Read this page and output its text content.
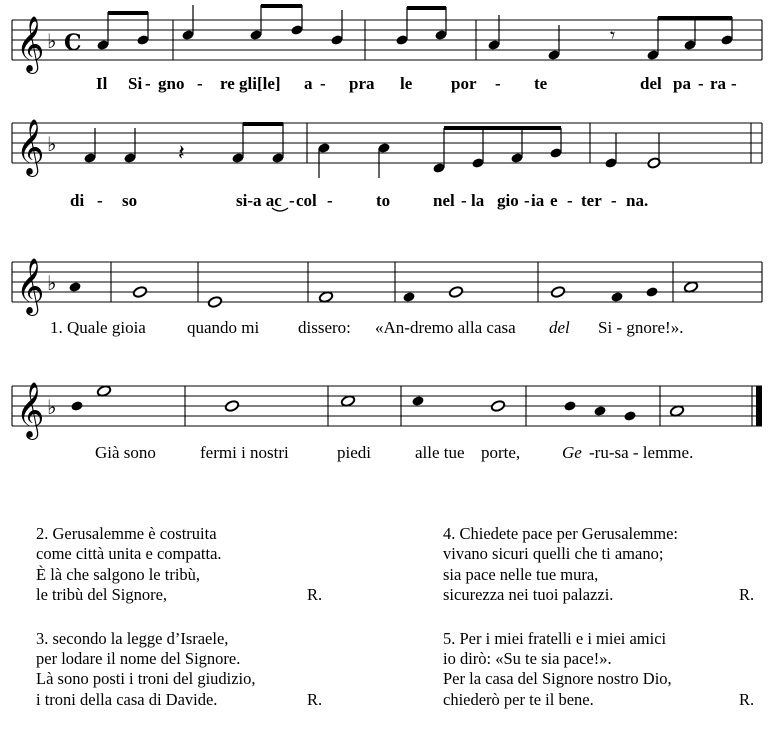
𝄞 ♭ C	𝄾
Il Si - gno - re gli[le] a - pra le por - te	del pa - ra -
𝄞 ♭	𝄽
di - so	si-a ac - col -	to	nel - la gio - ia e - ter - na.
𝄞 ♭
1. Quale gioia quando mi dissero: «An-dremo alla casa del Si - gnore!».
𝄞 ♭
Già sono	fermi i nostri	piedi	alle tue porte, Ge -ru-sa - lemme.
2. Gerusalemme è costruita
come città unita e compatta.
È là che salgono le tribù,
le tribù del Signore,	R.
3. secondo la legge d’Israele,
per lodare il nome del Signore.
Là sono posti i troni del giudizio,
i troni della casa di Davide.	R.
4. Chiedete pace per Gerusalemme:
vivano sicuri quelli che ti amano;
sia pace nelle tue mura,
sicurezza nei tuoi palazzi.	R.
5. Per i miei fratelli e i miei amici
io dirò: «Su te sia pace!».
Per la casa del Signore nostro Dio,
chiederò per te il bene.	R.
